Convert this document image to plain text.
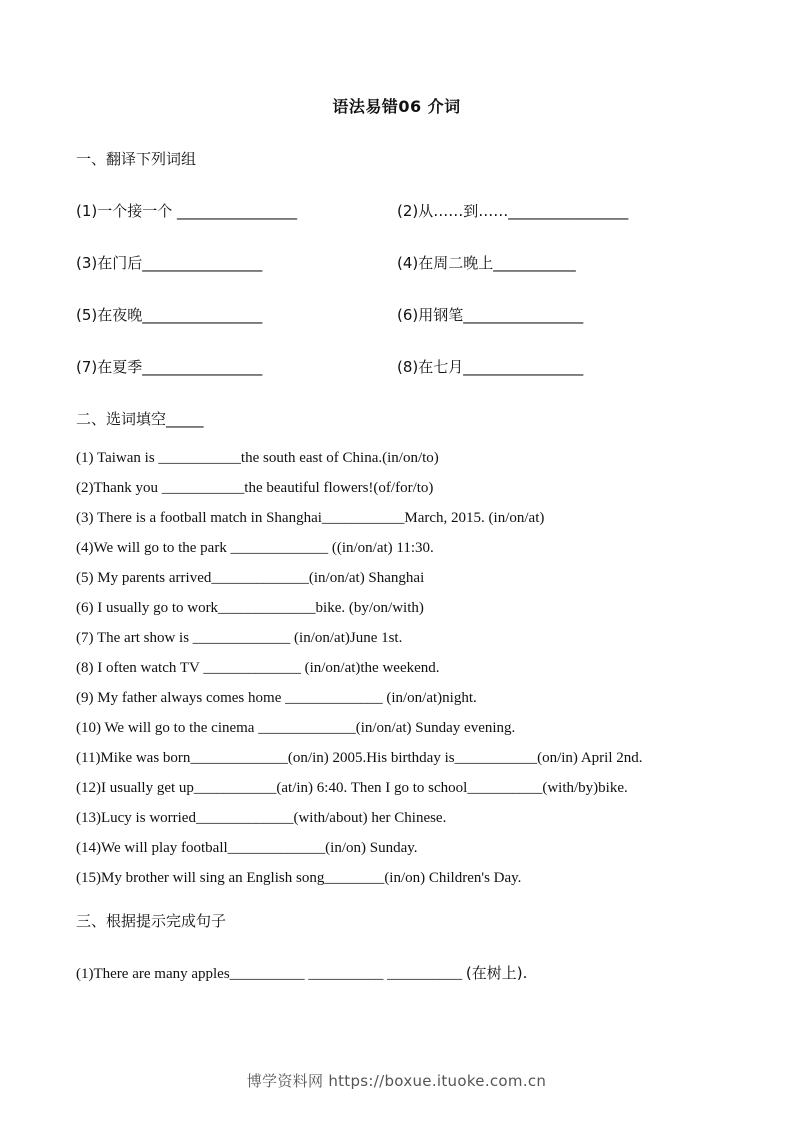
语法易错06 介词
一、翻译下列词组
(1)一个接一个 ________________	(2)从……到……________________
(3)在门后________________	(4)在周二晚上___________
(5)在夜晚________________	(6)用钢笔________________
(7)在夏季________________	(8)在七月________________
二、选词填空_____
(1) Taiwan is ___________the south east of China.(in/on/to)
(2)Thank you ___________the beautiful flowers!(of/for/to)
(3) There is a football match in Shanghai___________March, 2015. (in/on/at)
(4)We will go to the park _____________ ((in/on/at) 11:30.
(5) My parents arrived_____________(in/on/at) Shanghai
(6) I usually go to work_____________bike. (by/on/with)
(7) The art show is _____________ (in/on/at)June 1st.
(8) I often watch TV _____________ (in/on/at)the weekend.
(9) My father always comes home _____________ (in/on/at)night.
(10) We will go to the cinema _____________(in/on/at) Sunday evening.
(11)Mike was born_____________(on/in) 2005.His birthday is___________(on/in) April 2nd.
(12)I usually get up___________(at/in) 6:40. Then I go to school__________(with/by)bike.
(13)Lucy is worried_____________(with/about) her Chinese.
(14)We will play football_____________(in/on) Sunday.
(15)My brother will sing an English song________(in/on) Children's Day.
三、根据提示完成句子
(1)There are many apples__________ __________ __________ (在树上).
博学资料网 https://boxue.ituoke.com.cn
